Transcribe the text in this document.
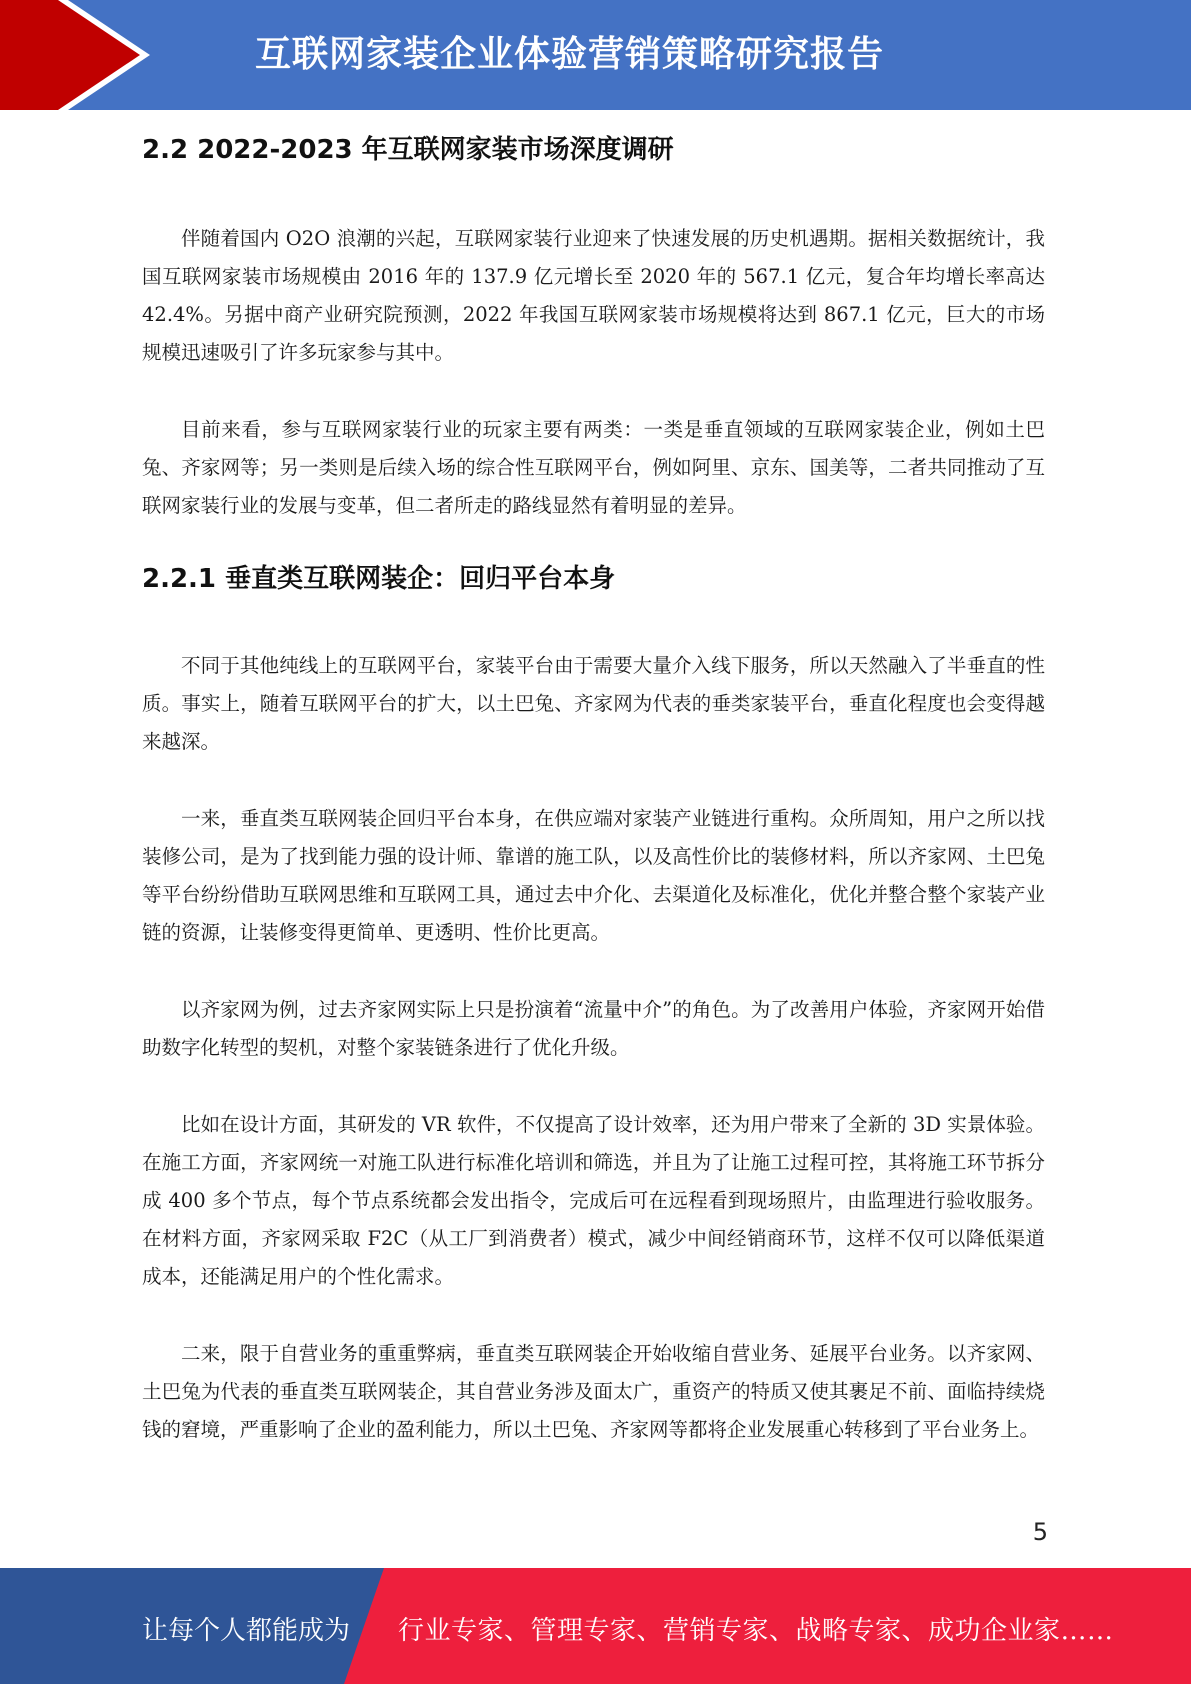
互联网家装企业体验营销策略研究报告
2.2 2022-2023 年互联网家装市场深度调研

伴随着国内 O2O 浪潮的兴起，互联网家装行业迎来了快速发展的历史机遇期。据相关数据统计，我国互联网家装市场规模由 2016 年的 137.9 亿元增长至 2020 年的 567.1 亿元，复合年均增长率高达 42.4%。另据中商产业研究院预测，2022 年我国互联网家装市场规模将达到 867.1 亿元，巨大的市场规模迅速吸引了许多玩家参与其中。

目前来看，参与互联网家装行业的玩家主要有两类：一类是垂直领域的互联网家装企业，例如土巴兔、齐家网等；另一类则是后续入场的综合性互联网平台，例如阿里、京东、国美等，二者共同推动了互联网家装行业的发展与变革，但二者所走的路线显然有着明显的差异。

2.2.1 垂直类互联网装企：回归平台本身

不同于其他纯线上的互联网平台，家装平台由于需要大量介入线下服务，所以天然融入了半垂直的性质。事实上，随着互联网平台的扩大，以土巴兔、齐家网为代表的垂类家装平台，垂直化程度也会变得越来越深。

一来，垂直类互联网装企回归平台本身，在供应端对家装产业链进行重构。众所周知，用户之所以找装修公司，是为了找到能力强的设计师、靠谱的施工队，以及高性价比的装修材料，所以齐家网、土巴兔等平台纷纷借助互联网思维和互联网工具，通过去中介化、去渠道化及标准化，优化并整合整个家装产业链的资源，让装修变得更简单、更透明、性价比更高。

以齐家网为例，过去齐家网实际上只是扮演着“流量中介”的角色。为了改善用户体验，齐家网开始借助数字化转型的契机，对整个家装链条进行了优化升级。

比如在设计方面，其研发的 VR 软件，不仅提高了设计效率，还为用户带来了全新的 3D 实景体验。在施工方面，齐家网统一对施工队进行标准化培训和筛选，并且为了让施工过程可控，其将施工环节拆分成 400 多个节点，每个节点系统都会发出指令，完成后可在远程看到现场照片，由监理进行验收服务。在材料方面，齐家网采取 F2C（从工厂到消费者）模式，减少中间经销商环节，这样不仅可以降低渠道成本，还能满足用户的个性化需求。

二来，限于自营业务的重重弊病，垂直类互联网装企开始收缩自营业务、延展平台业务。以齐家网、土巴兔为代表的垂直类互联网装企，其自营业务涉及面太广，重资产的特质又使其裹足不前、面临持续烧钱的窘境，严重影响了企业的盈利能力，所以土巴兔、齐家网等都将企业发展重心转移到了平台业务上。

5
让每个人都能成为 行业专家、管理专家、营销专家、战略专家、成功企业家……
